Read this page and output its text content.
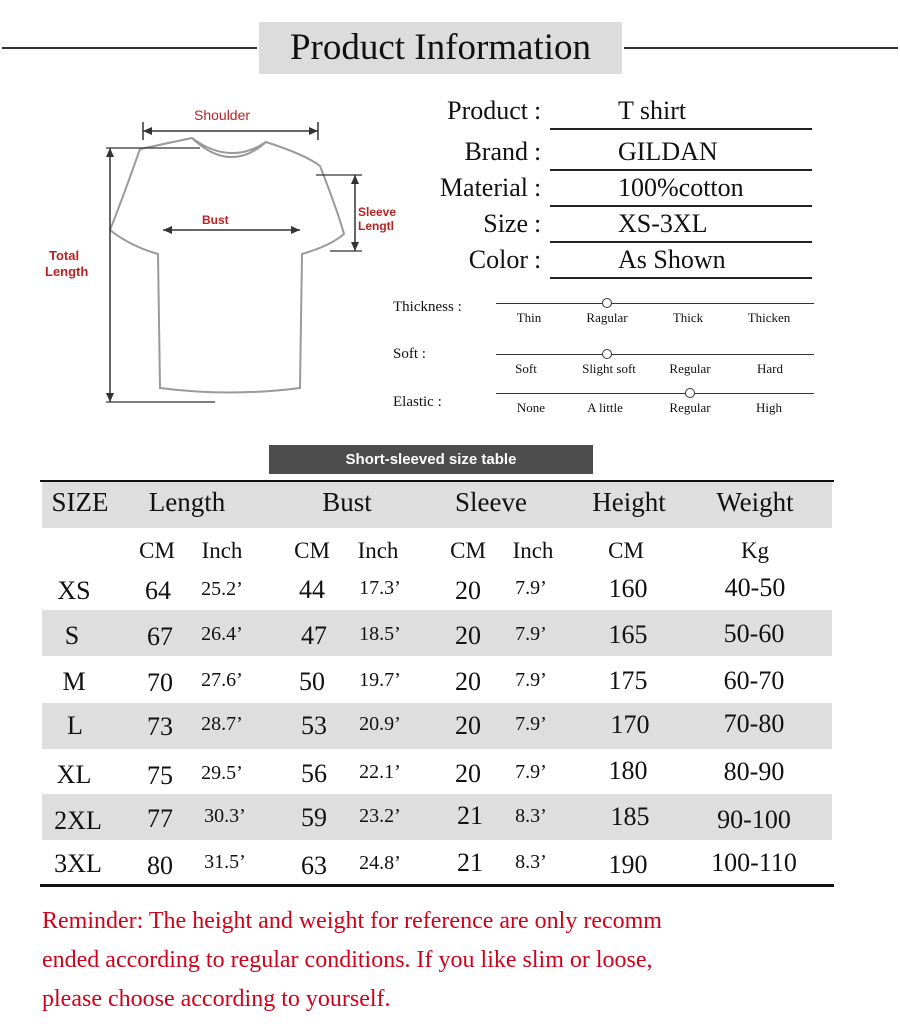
Product Information
Shoulder
Bust
Sleeve
Lengtl
Total
Length
Product :	T shirt
Brand :	GILDAN
Material :	100%cotton
Size :	XS-3XL
Color :	As Shown
Thickness :
Thin	Ragular	Thick	Thicken
Soft :
Soft	Slight soft	Regular	Hard
Elastic :	None	A little	Regular	High
Short-sleeved size table
SIZE Length	Bust	Sleeve Height Weight
CM Inch CM Inch CM Inch CM	Kg
XS 64 25.2’ 44 17.3’ 20 7.9’ 160	40-50
S	67 26.4’ 47 18.5’ 20 7.9’ 165	50-60
M 70 27.6’ 50 19.7’ 20 7.9’ 175	60-70
L 73 28.7’ 53 20.9’ 20 7.9’ 170	70-80
XL 75 29.5’ 56 22.1’ 20 7.9’ 180	80-90
2XL 77 30.3’ 59 23.2’ 21 8.3’ 185	90-100
3XL 80 31.5’ 63 24.8’ 21 8.3’ 190 100-110
Reminder: The height and weight for reference are only recomm
ended according to regular conditions. If you like slim or loose,
please choose according to yourself.
